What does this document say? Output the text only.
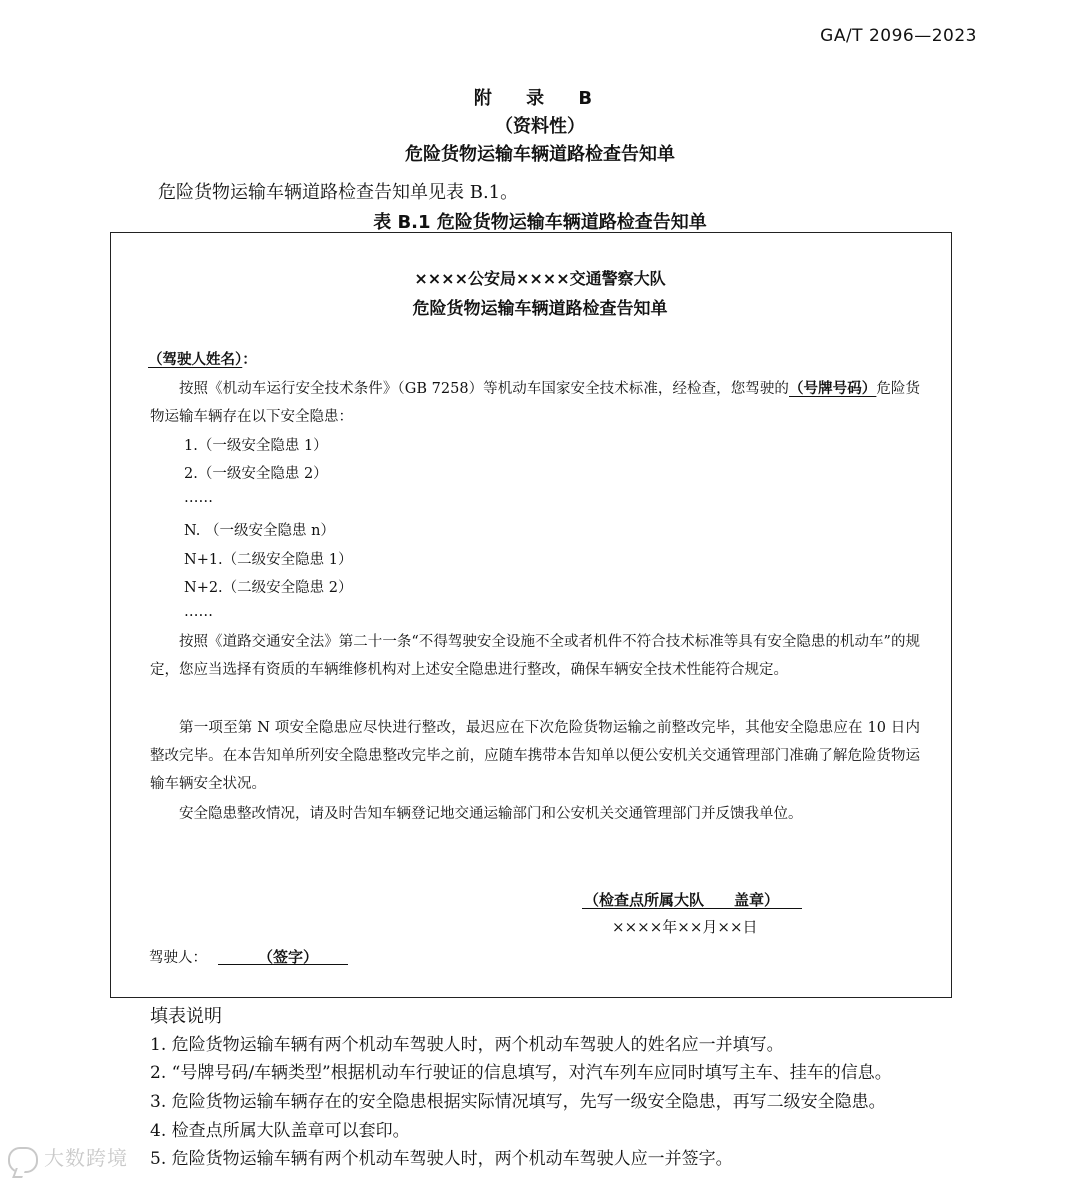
GA/T 2096—2023
附 录 B
（资料性）
危险货物运输车辆道路检查告知单
危险货物运输车辆道路检查告知单见表 B.1。
表 B.1 危险货物运输车辆道路检查告知单
××××公安局××××交通警察大队
危险货物运输车辆道路检查告知单
（驾驶人姓名）：
按照《机动车运行安全技术条件》（GB 7258）等机动车国家安全技术标准，经检查，您驾驶的（号牌号码）危险货物运输车辆存在以下安全隐患：
1.（一级安全隐患 1）
2.（一级安全隐患 2）
……
N. （一级安全隐患 n）
N+1.（二级安全隐患 1）
N+2.（二级安全隐患 2）
……
按照《道路交通安全法》第二十一条“不得驾驶安全设施不全或者机件不符合技术标准等具有安全隐患的机动车”的规定，您应当选择有资质的车辆维修机构对上述安全隐患进行整改，确保车辆安全技术性能符合规定。
第一项至第 N 项安全隐患应尽快进行整改，最迟应在下次危险货物运输之前整改完毕，其他安全隐患应在 10 日内整改完毕。在本告知单所列安全隐患整改完毕之前，应随车携带本告知单以便公安机关交通管理部门准确了解危险货物运输车辆安全状况。
安全隐患整改情况，请及时告知车辆登记地交通运输部门和公安机关交通管理部门并反馈我单位。
（检查点所属大队　　盖章）
××××年××月××日
驾驶人：	（签字）
填表说明
1. 危险货物运输车辆有两个机动车驾驶人时，两个机动车驾驶人的姓名应一并填写。
2. “号牌号码/车辆类型”根据机动车行驶证的信息填写，对汽车列车应同时填写主车、挂车的信息。
3. 危险货物运输车辆存在的安全隐患根据实际情况填写，先写一级安全隐患，再写二级安全隐患。
4. 检查点所属大队盖章可以套印。
5. 危险货物运输车辆有两个机动车驾驶人时，两个机动车驾驶人应一并签字。
大数跨境
